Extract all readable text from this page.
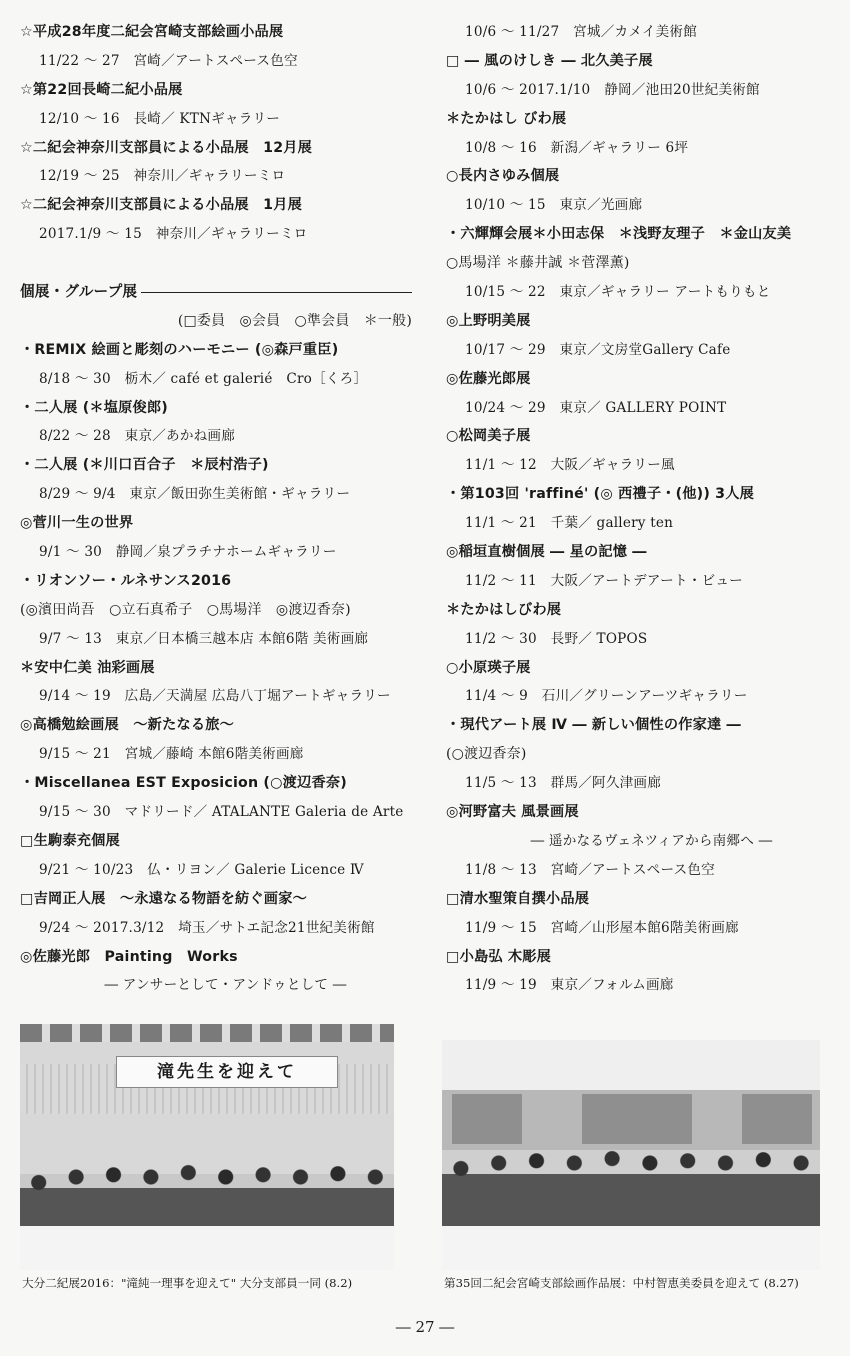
☆平成28年度二紀会宮崎支部絵画小品展
11/22 ～ 27　宮崎／アートスペース色空
☆第22回長崎二紀小品展
12/10 ～ 16　長崎／ KTNギャラリー
☆二紀会神奈川支部員による小品展　12月展
12/19 ～ 25　神奈川／ギャラリーミロ
☆二紀会神奈川支部員による小品展　1月展
2017.1/9 ～ 15　神奈川／ギャラリーミロ
個展・グループ展
(□委員　◎会員　○準会員　＊一般)
・REMIX 絵画と彫刻のハーモニー (◎森戸重臣)
8/18 ～ 30　栃木／ café et galerié　Cro［くろ］
・二人展 (＊塩原俊郎)
8/22 ～ 28　東京／あかね画廊
・二人展 (＊川口百合子　＊辰村浩子)
8/29 ～ 9/4　東京／飯田弥生美術館・ギャラリー
◎菅川一生の世界
9/1 ～ 30　静岡／泉プラチナホームギャラリー
・リオンソー・ルネサンス2016
(◎濱田尚吾　○立石真希子　○馬場洋　◎渡辺香奈)
9/7 ～ 13　東京／日本橋三越本店 本館6階 美術画廊
＊安中仁美 油彩画展
9/14 ～ 19　広島／天満屋 広島八丁堀アートギャラリー
◎高橋勉絵画展　～新たなる旅～
9/15 ～ 21　宮城／藤崎 本館6階美術画廊
・Miscellanea EST Exposicion (○渡辺香奈)
9/15 ～ 30　マドリード／ ATALANTE Galeria de Arte
□生駒泰充個展
9/21 ～ 10/23　仏・リヨン／ Galerie Licence Ⅳ
□吉岡正人展　～永遠なる物語を紡ぐ画家～
9/24 ～ 2017.3/12　埼玉／サトエ記念21世紀美術館
◎佐藤光郎　Painting　Works
― アンサーとして・アンドゥとして ―
10/6 ～ 11/27　宮城／カメイ美術館
□ ― 風のけしき ― 北久美子展
10/6 ～ 2017.1/10　静岡／池田20世紀美術館
＊たかはし びわ展
10/8 ～ 16　新潟／ギャラリー 6坪
○長内さゆみ個展
10/10 ～ 15　東京／光画廊
・六輝輝会展＊小田志保　＊浅野友理子　＊金山友美
○馬場洋 ＊藤井誠 ＊菅澤薫)
10/15 ～ 22　東京／ギャラリー アートもりもと
◎上野明美展
10/17 ～ 29　東京／文房堂Gallery Cafe
◎佐藤光郎展
10/24 ～ 29　東京／ GALLERY POINT
○松岡美子展
11/1 ～ 12　大阪／ギャラリー風
・第103回 'raffiné' (◎ 西禮子・(他)) 3人展
11/1 ～ 21　千葉／ gallery ten
◎稲垣直樹個展 ― 星の記憶 ―
11/2 ～ 11　大阪／アートデアート・ビュー
＊たかはしびわ展
11/2 ～ 30　長野／ TOPOS
○小原瑛子展
11/4 ～ 9　石川／グリーンアーツギャラリー
・現代アート展 Ⅳ ― 新しい個性の作家達 ―
(○渡辺香奈)
11/5 ～ 13　群馬／阿久津画廊
◎河野富夫 風景画展
― 遥かなるヴェネツィアから南郷へ ―
11/8 ～ 13　宮崎／アートスペース色空
□清水聖策自撰小品展
11/9 ～ 15　宮崎／山形屋本館6階美術画廊
□小島弘 木彫展
11/9 ～ 19　東京／フォルム画廊
滝先生を迎えて
大分二紀展2016："滝純一理事を迎えて" 大分支部員一同 (8.2)	第35回二紀会宮崎支部絵画作品展：中村智恵美委員を迎えて (8.27)
― 27 ―
